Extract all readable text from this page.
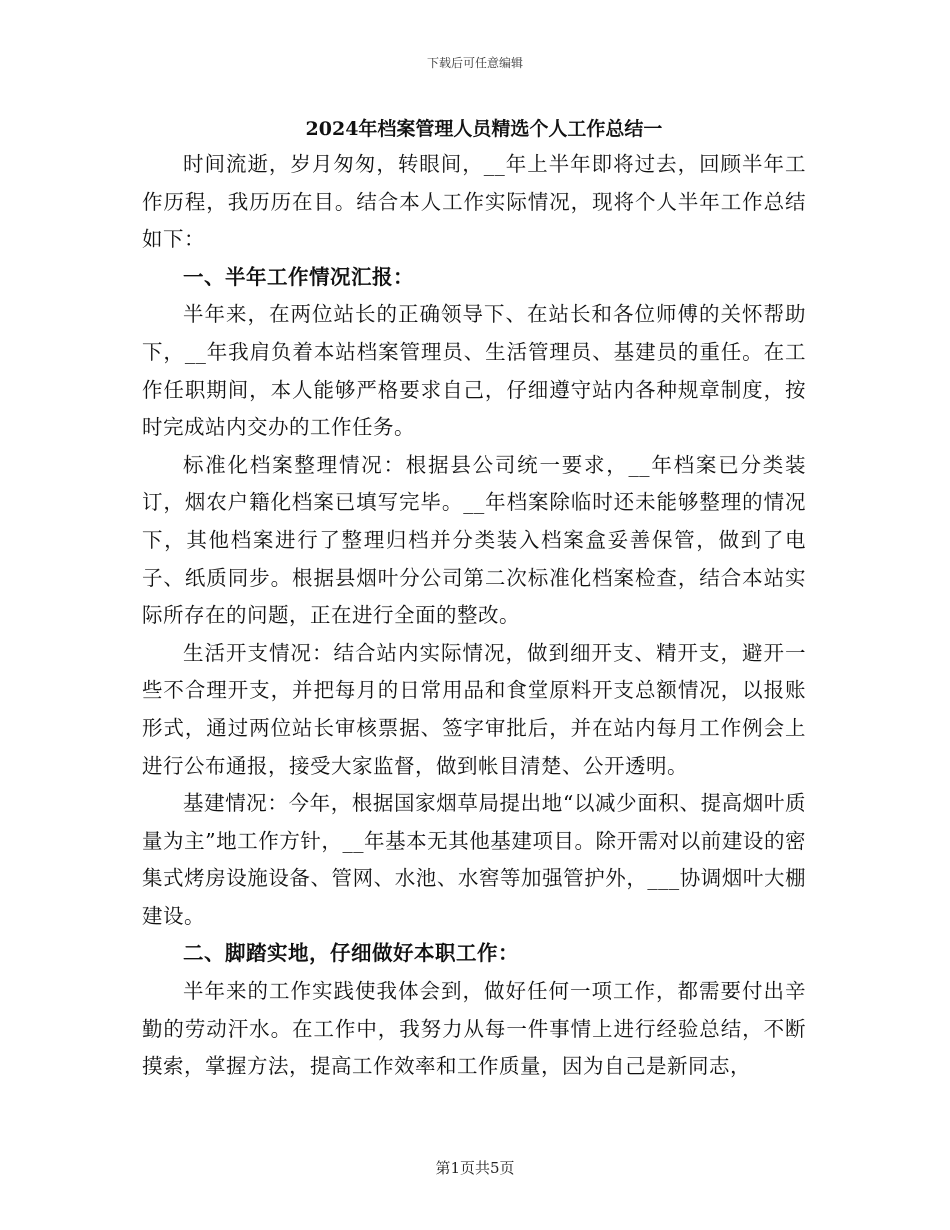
下载后可任意编辑
2024年档案管理人员精选个人工作总结一

时间流逝，岁月匆匆，转眼间，__年上半年即将过去，回顾半年工作历程，我历历在目。结合本人工作实际情况，现将个人半年工作总结如下：

一、半年工作情况汇报：

半年来，在两位站长的正确领导下、在站长和各位师傅的关怀帮助下，__年我肩负着本站档案管理员、生活管理员、基建员的重任。在工作任职期间，本人能够严格要求自己，仔细遵守站内各种规章制度，按时完成站内交办的工作任务。

标准化档案整理情况：根据县公司统一要求，__年档案已分类装订，烟农户籍化档案已填写完毕。__年档案除临时还未能够整理的情况下，其他档案进行了整理归档并分类装入档案盒妥善保管，做到了电子、纸质同步。根据县烟叶分公司第二次标准化档案检查，结合本站实际所存在的问题，正在进行全面的整改。

生活开支情况：结合站内实际情况，做到细开支、精开支，避开一些不合理开支，并把每月的日常用品和食堂原料开支总额情况，以报账形式，通过两位站长审核票据、签字审批后，并在站内每月工作例会上进行公布通报，接受大家监督，做到帐目清楚、公开透明。

基建情况：今年，根据国家烟草局提出地“以减少面积、提高烟叶质量为主”地工作方针，__年基本无其他基建项目。除开需对以前建设的密集式烤房设施设备、管网、水池、水窖等加强管护外，___协调烟叶大棚建设。

二、脚踏实地，仔细做好本职工作：

半年来的工作实践使我体会到，做好任何一项工作，都需要付出辛勤的劳动汗水。在工作中，我努力从每一件事情上进行经验总结，不断摸索，掌握方法，提高工作效率和工作质量，因为自己是新同志，

第1页共5页
